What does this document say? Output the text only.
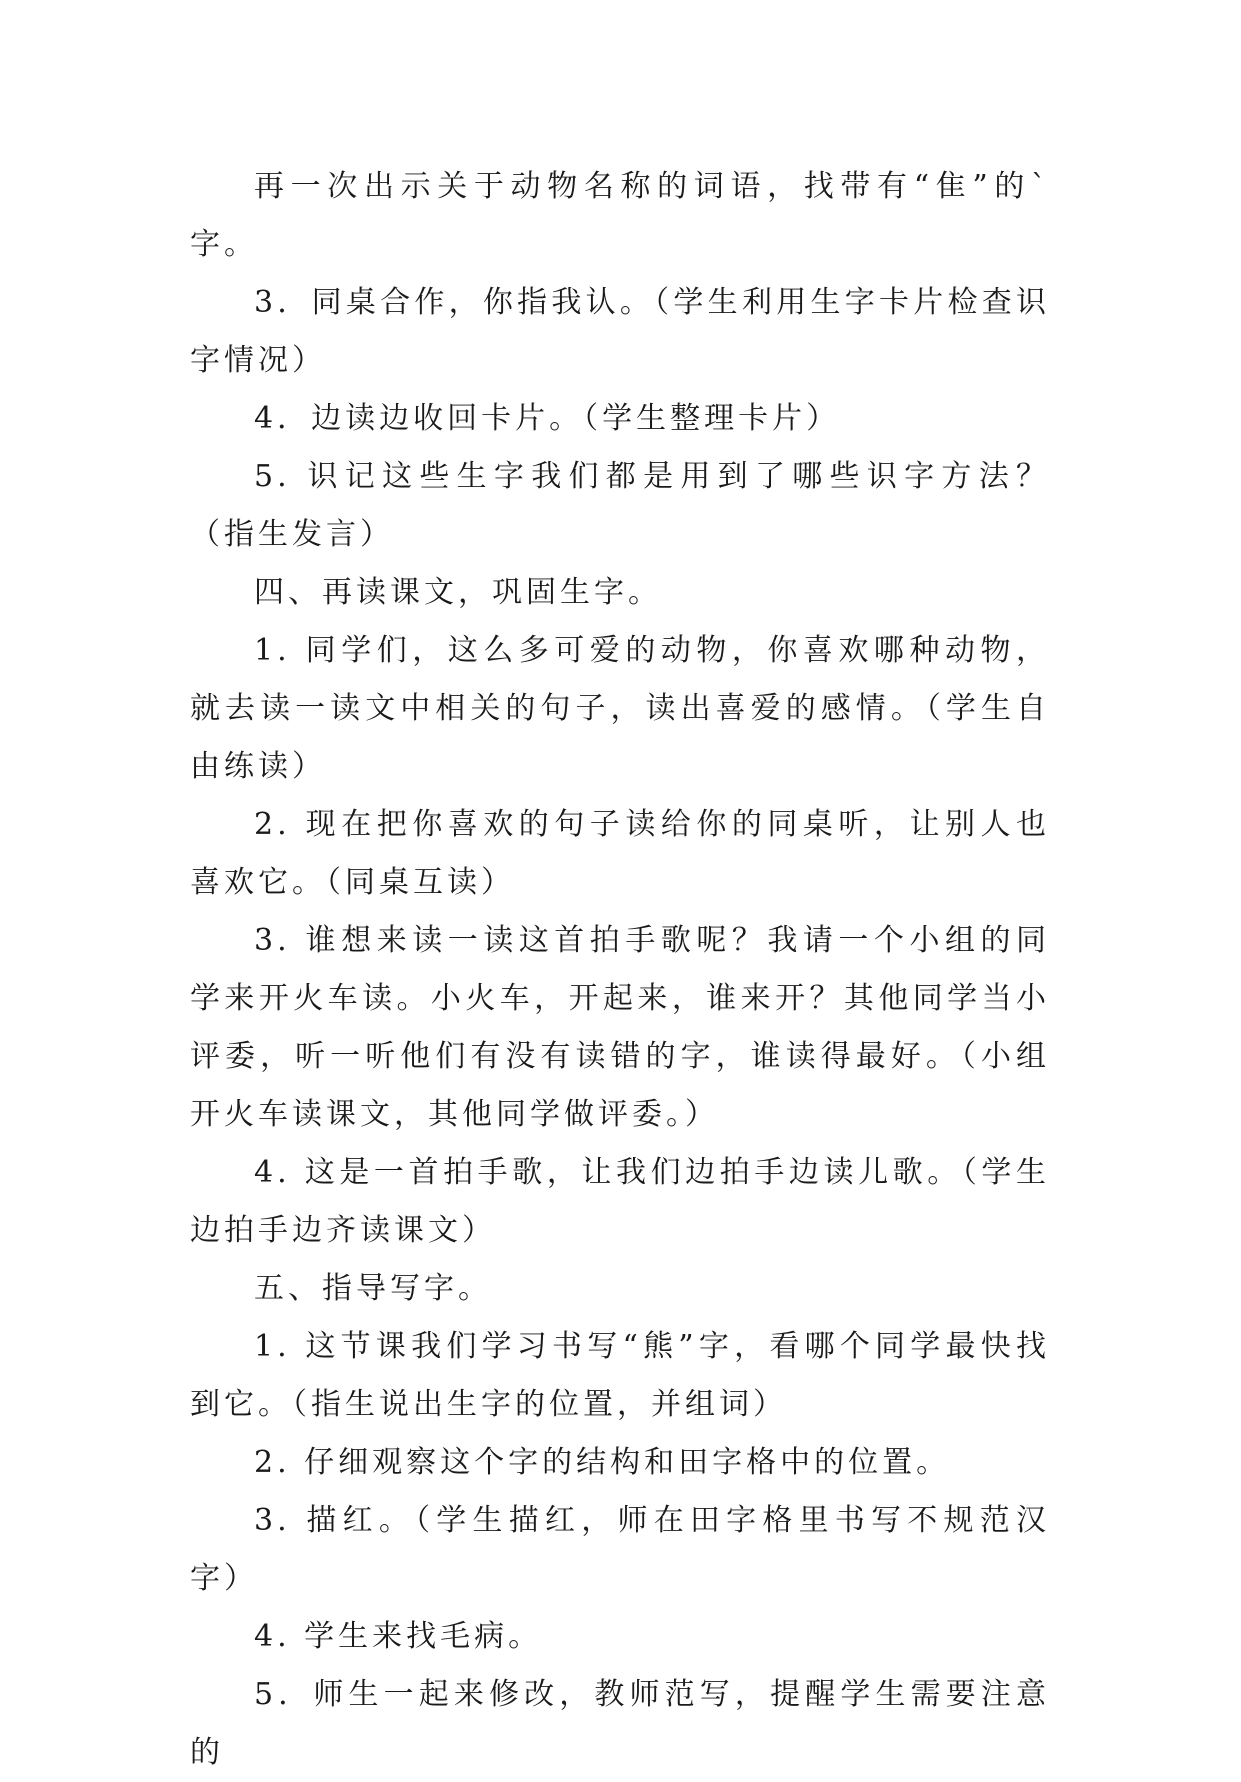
再一次出示关于动物名称的词语，找带有“隹”的`字。

3．同桌合作，你指我认。（学生利用生字卡片检查识字情况）

4．边读边收回卡片。（学生整理卡片）

5. 识记这些生字我们都是用到了哪些识字方法？（指生发言）

四、再读课文，巩固生字。

1. 同学们，这么多可爱的动物，你喜欢哪种动物，就去读一读文中相关的句子，读出喜爱的感情。（学生自由练读）

2. 现在把你喜欢的句子读给你的同桌听，让别人也喜欢它。（同桌互读）

3. 谁想来读一读这首拍手歌呢？我请一个小组的同学来开火车读。小火车，开起来，谁来开？其他同学当小评委，听一听他们有没有读错的字，谁读得最好。（小组开火车读课文，其他同学做评委。）

4. 这是一首拍手歌，让我们边拍手边读儿歌。（学生边拍手边齐读课文）

五、指导写字。

1. 这节课我们学习书写“熊”字，看哪个同学最快找到它。（指生说出生字的位置，并组词）

2. 仔细观察这个字的结构和田字格中的位置。

3. 描红。（学生描红，师在田字格里书写不规范汉字）

4. 学生来找毛病。

5．师生一起来修改，教师范写，提醒学生需要注意的
